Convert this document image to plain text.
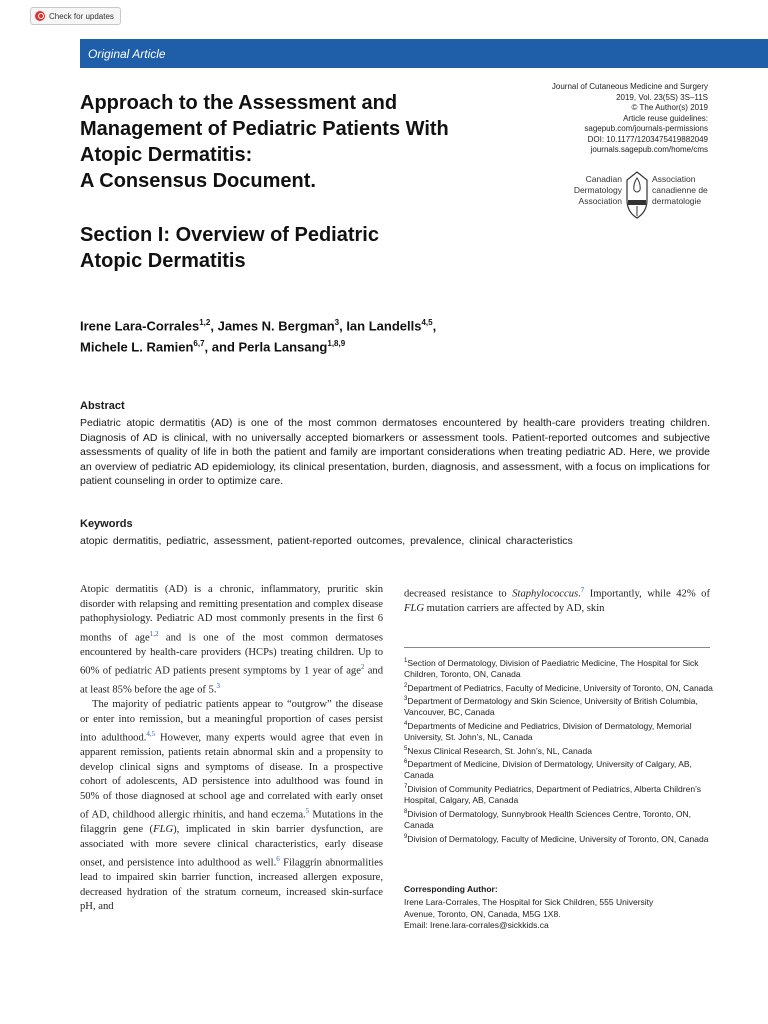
Check for updates
Original Article
Approach to the Assessment and
Management of Pediatric Patients With
Atopic Dermatitis:
A Consensus Document.
Section I: Overview of Pediatric
Atopic Dermatitis
Journal of Cutaneous Medicine and Surgery
2019, Vol. 23(5S) 3S–11S
© The Author(s) 2019
Article reuse guidelines:
sagepub.com/journals-permissions
DOI: 10.1177/1203475419882049
journals.sagepub.com/home/cms
Canadian
Dermatology
Association
Association
canadienne de
dermatologie
Irene Lara-Corrales$^{1,2}$, James N. Bergman$^3$, Ian Landells$^{4,5}$,
Michele L. Ramien$^{6,7}$, and Perla Lansang$^{1,8,9}$
Abstract
Pediatric atopic dermatitis (AD) is one of the most common dermatoses encountered by health-care providers treating children. Diagnosis of AD is clinical, with no universally accepted biomarkers or assessment tools. Patient-reported outcomes and subjective assessments of quality of life in both the patient and family are important considerations when treating pediatric AD. Here, we provide an overview of pediatric AD epidemiology, its clinical presentation, burden, diagnosis, and assessment, with a focus on implications for patient counseling in order to optimize care.
Keywords
atopic dermatitis, pediatric, assessment, patient-reported outcomes, prevalence, clinical characteristics

Atopic dermatitis (AD) is a chronic, inflammatory, pruritic skin disorder with relapsing and remitting presentation and complex disease pathophysiology. Pediatric AD most commonly presents in the first 6 months of age$^{1,2}$ and is one of the most common dermatoses encountered by health-care providers (HCPs) treating children. Up to 60% of pediatric AD patients present symptoms by 1 year of age$^2$ and at least 85% before the age of 5.$^3$

The majority of pediatric patients appear to “outgrow” the disease or enter into remission, but a meaningful proportion of cases persist into adulthood.$^{4,5}$ However, many experts would agree that even in apparent remission, patients retain abnormal skin and a propensity to develop clinical signs and symptoms of disease. In a prospective cohort of adolescents, AD persistence into adulthood was found in 50% of those diagnosed at school age and correlated with early onset of AD, childhood allergic rhinitis, and hand eczema.$^5$ Mutations in the filaggrin gene (FLG), implicated in skin barrier dysfunction, are associated with more severe clinical characteristics, early disease onset, and persistence into adulthood as well.$^6$ Filaggrin abnormalities lead to impaired skin barrier function, increased allergen exposure, decreased hydration of the stratum corneum, increased skin-surface pH, and

decreased resistance to Staphylococcus.$^7$ Importantly, while 42% of FLG mutation carriers are affected by AD, skin
$^1$Section of Dermatology, Division of Paediatric Medicine, The Hospital for Sick Children, Toronto, ON, Canada
$^2$Department of Pediatrics, Faculty of Medicine, University of Toronto, ON, Canada
$^3$Department of Dermatology and Skin Science, University of British Columbia, Vancouver, BC, Canada
$^4$Departments of Medicine and Pediatrics, Division of Dermatology, Memorial University, St. John’s, NL, Canada
$^5$Nexus Clinical Research, St. John’s, NL, Canada
$^6$Department of Medicine, Division of Dermatology, University of Calgary, AB, Canada
$^7$Division of Community Pediatrics, Department of Pediatrics, Alberta Children’s Hospital, Calgary, AB, Canada
$^8$Division of Dermatology, Sunnybrook Health Sciences Centre, Toronto, ON, Canada
$^9$Division of Dermatology, Faculty of Medicine, University of Toronto, ON, Canada
Corresponding Author:
Irene Lara-Corrales, The Hospital for Sick Children, 555 University
Avenue, Toronto, ON, Canada, M5G 1X8.
Email: Irene.lara-corrales@sickkids.ca
